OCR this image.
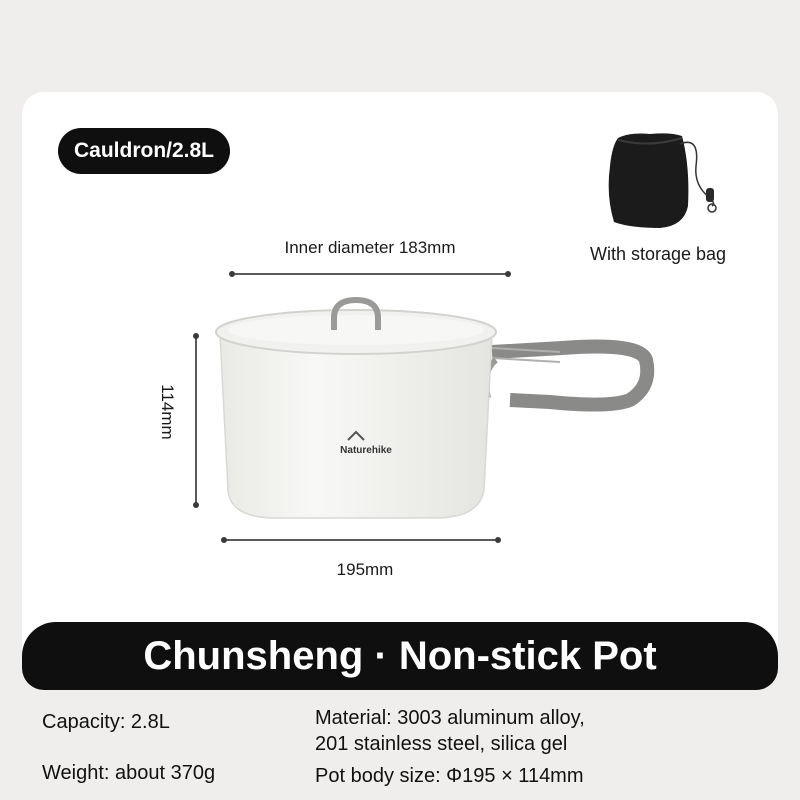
Cauldron/2.8L
With storage bag
Inner diameter 183mm
114mm
195mm
Naturehike
Chunsheng · Non-stick Pot
Capacity: 2.8L
Weight: about 370g
Material: 3003 aluminum alloy,
201 stainless steel, silica gel
Pot body size: Φ195 × 114mm
